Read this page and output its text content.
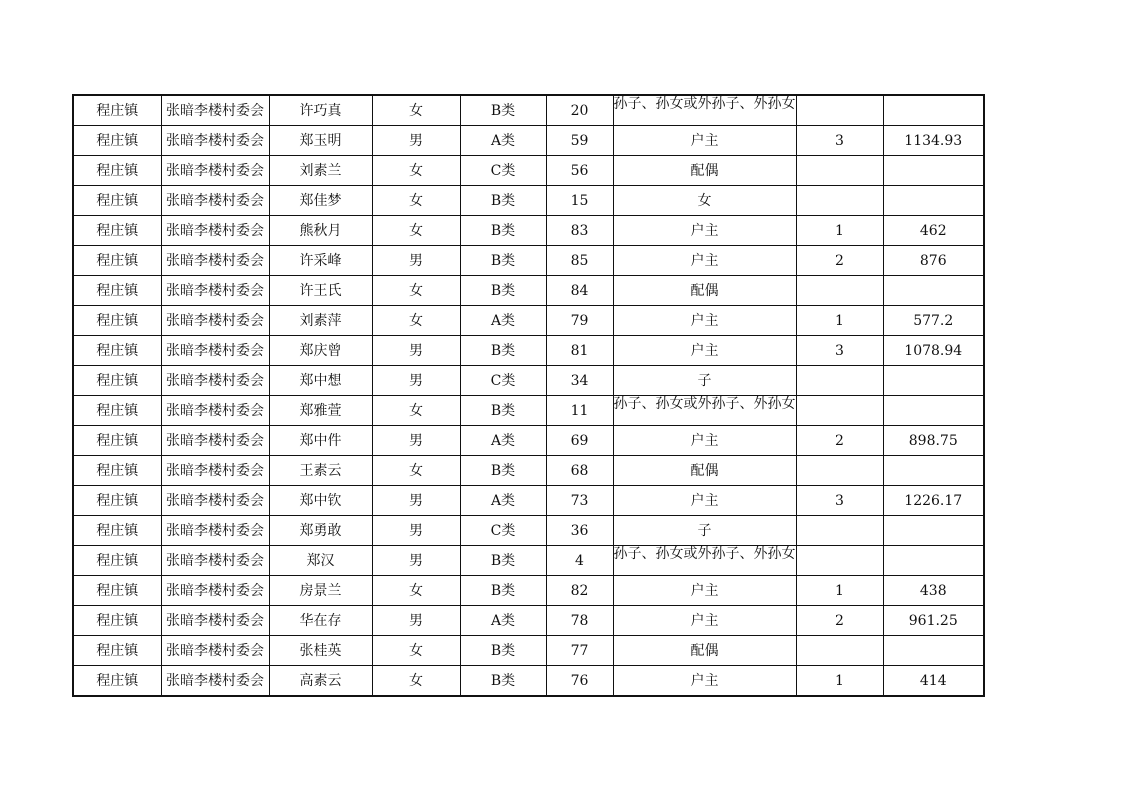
程庄镇	张暗李楼村委会	许巧真	女	B类	20	孙子、孙女或外孙子、外孙女		

程庄镇	张暗李楼村委会	郑玉明	男	A类	59	户主	3	1134.93
程庄镇	张暗李楼村委会	刘素兰	女	C类	56	配偶		
程庄镇	张暗李楼村委会	郑佳梦	女	B类	15	女		
程庄镇	张暗李楼村委会	熊秋月	女	B类	83	户主	1	462
程庄镇	张暗李楼村委会	许采峰	男	B类	85	户主	2	876
程庄镇	张暗李楼村委会	许王氏	女	B类	84	配偶		
程庄镇	张暗李楼村委会	刘素萍	女	A类	79	户主	1	577.2
程庄镇	张暗李楼村委会	郑庆曾	男	B类	81	户主	3	1078.94
程庄镇	张暗李楼村委会	郑中想	男	C类	34	子		
程庄镇	张暗李楼村委会	郑雅萱	女	B类	11	孙子、孙女或外孙子、外孙女		

程庄镇	张暗李楼村委会	郑中件	男	A类	69	户主	2	898.75
程庄镇	张暗李楼村委会	王素云	女	B类	68	配偶		
程庄镇	张暗李楼村委会	郑中钦	男	A类	73	户主	3	1226.17
程庄镇	张暗李楼村委会	郑勇敢	男	C类	36	子		
程庄镇	张暗李楼村委会	郑汉	男	B类	4	孙子、孙女或外孙子、外孙女		

程庄镇	张暗李楼村委会	房景兰	女	B类	82	户主	1	438
程庄镇	张暗李楼村委会	华在存	男	A类	78	户主	2	961.25
程庄镇	张暗李楼村委会	张桂英	女	B类	77	配偶		
程庄镇	张暗李楼村委会	高素云	女	B类	76	户主	1	414
